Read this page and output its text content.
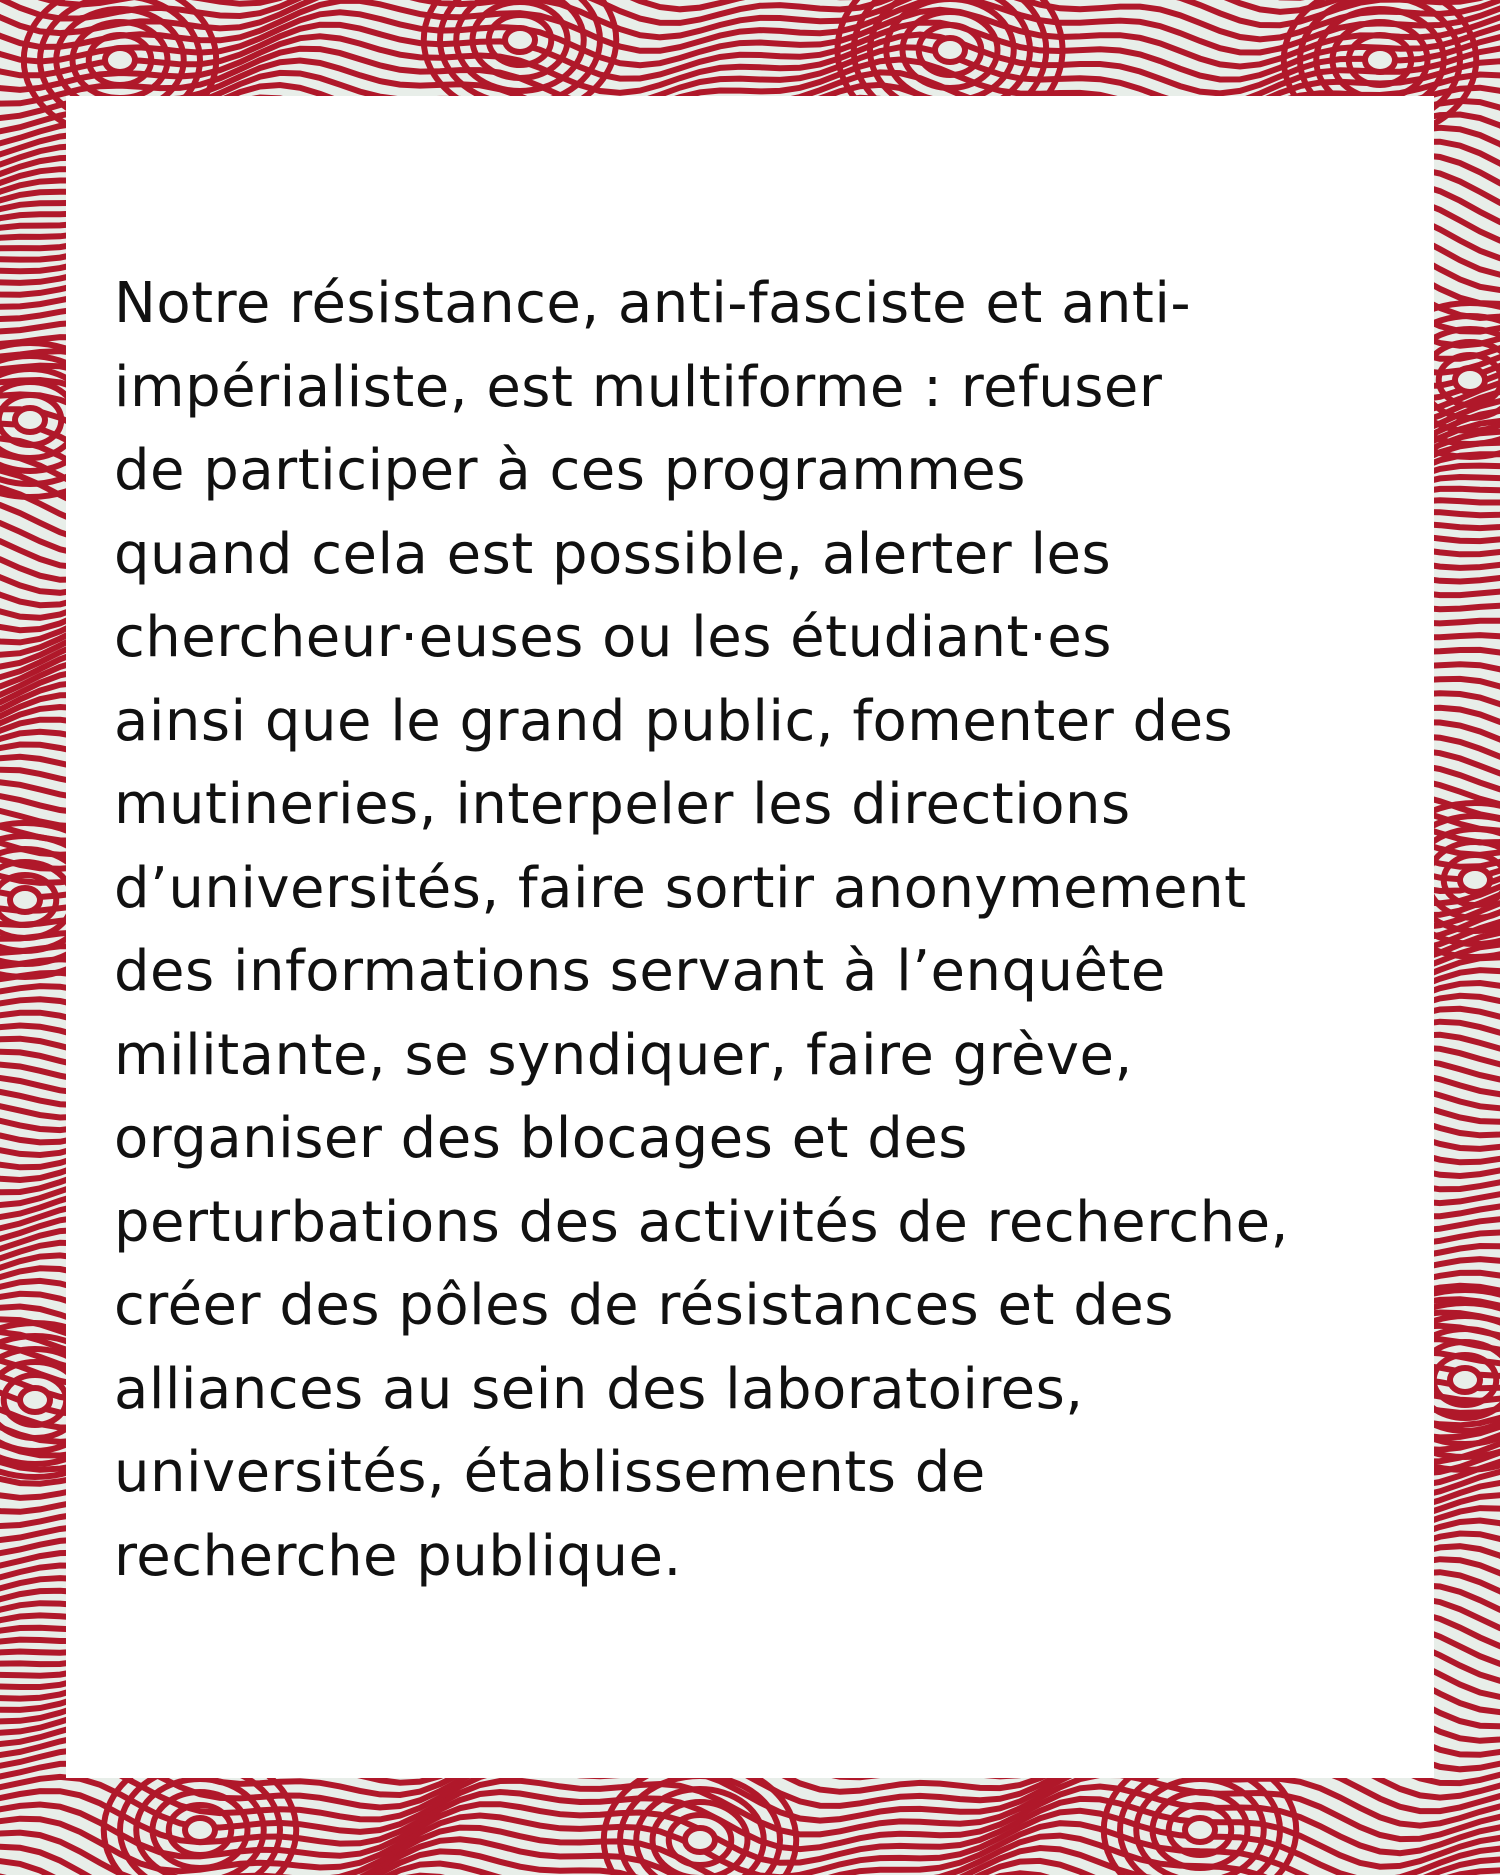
Notre résistance, anti-fasciste et anti-
impérialiste, est multiforme : refuser
de participer à ces programmes
quand cela est possible, alerter les
chercheur·euses ou les étudiant·es
ainsi que le grand public, fomenter des
mutineries, interpeler les directions
d’universités, faire sortir anonymement
des informations servant à l’enquête
militante, se syndiquer, faire grève,
organiser des blocages et des
perturbations des activités de recherche,
créer des pôles de résistances et des
alliances au sein des laboratoires,
universités, établissements de
recherche publique.
